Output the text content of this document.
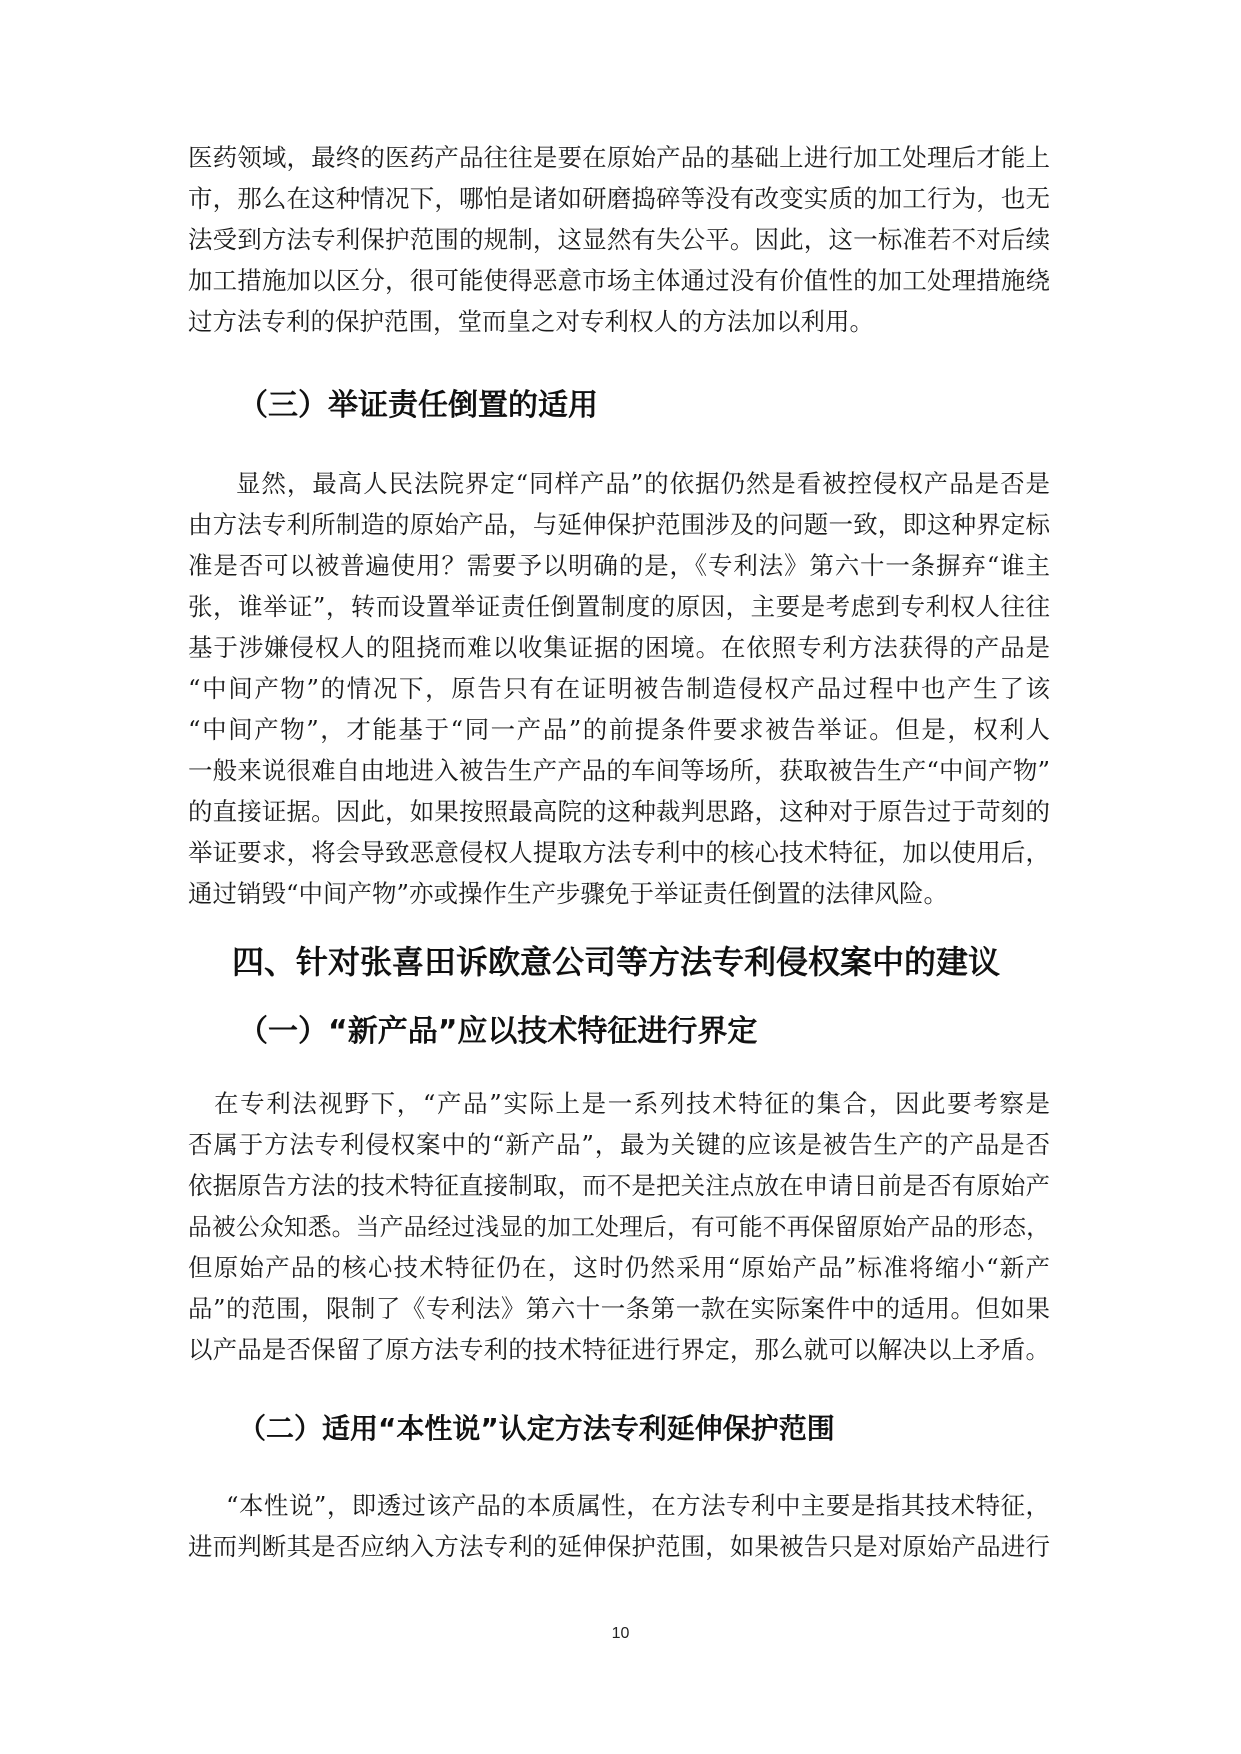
医药领域，最终的医药产品往往是要在原始产品的基础上进行加工处理后才能上
市，那么在这种情况下，哪怕是诸如研磨捣碎等没有改变实质的加工行为，也无
法受到方法专利保护范围的规制，这显然有失公平。因此，这一标准若不对后续
加工措施加以区分，很可能使得恶意市场主体通过没有价值性的加工处理措施绕
过方法专利的保护范围，堂而皇之对专利权人的方法加以利用。
（三）举证责任倒置的适用
显然，最高人民法院界定“同样产品”的依据仍然是看被控侵权产品是否是
由方法专利所制造的原始产品，与延伸保护范围涉及的问题一致，即这种界定标
准是否可以被普遍使用？需要予以明确的是，《专利法》第六十一条摒弃“谁主
张，谁举证”，转而设置举证责任倒置制度的原因，主要是考虑到专利权人往往
基于涉嫌侵权人的阻挠而难以收集证据的困境。在依照专利方法获得的产品是
“中间产物”的情况下，原告只有在证明被告制造侵权产品过程中也产生了该
“中间产物”，才能基于“同一产品”的前提条件要求被告举证。但是，权利人
一般来说很难自由地进入被告生产产品的车间等场所，获取被告生产“中间产物”
的直接证据。因此，如果按照最高院的这种裁判思路，这种对于原告过于苛刻的
举证要求，将会导致恶意侵权人提取方法专利中的核心技术特征，加以使用后，
通过销毁“中间产物”亦或操作生产步骤免于举证责任倒置的法律风险。
四、针对张喜田诉欧意公司等方法专利侵权案中的建议
（一）“新产品”应以技术特征进行界定
在专利法视野下，“产品”实际上是一系列技术特征的集合，因此要考察是
否属于方法专利侵权案中的“新产品”，最为关键的应该是被告生产的产品是否
依据原告方法的技术特征直接制取，而不是把关注点放在申请日前是否有原始产
品被公众知悉。当产品经过浅显的加工处理后，有可能不再保留原始产品的形态，
但原始产品的核心技术特征仍在，这时仍然采用“原始产品”标准将缩小“新产
品”的范围，限制了《专利法》第六十一条第一款在实际案件中的适用。但如果
以产品是否保留了原方法专利的技术特征进行界定，那么就可以解决以上矛盾。
（二）适用“本性说”认定方法专利延伸保护范围
“本性说”，即透过该产品的本质属性，在方法专利中主要是指其技术特征，
进而判断其是否应纳入方法专利的延伸保护范围，如果被告只是对原始产品进行
10
